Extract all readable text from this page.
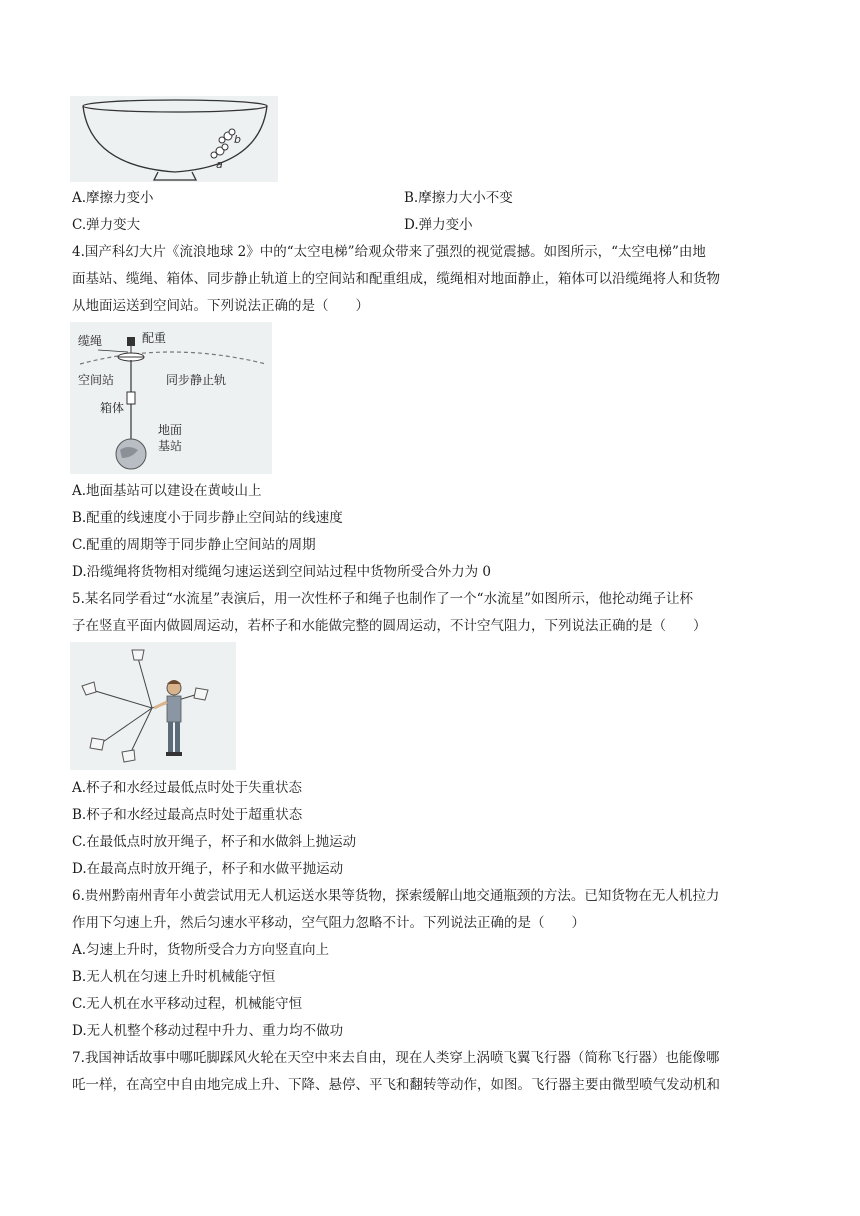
a
b
A.摩擦力变小	B.摩擦力大小不变
C.弹力变大	D.弹力变小
4.国产科幻大片《流浪地球 2》中的“太空电梯”给观众带来了强烈的视觉震撼。如图所示，“太空电梯”由地
面基站、缆绳、箱体、同步静止轨道上的空间站和配重组成，缆绳相对地面静止，箱体可以沿缆绳将人和货物
从地面运送到空间站。下列说法正确的是（　　）
配重
缆绳
空间站	同步静止轨
箱体
地面
基站
A.地面基站可以建设在黄岐山上
B.配重的线速度小于同步静止空间站的线速度
C.配重的周期等于同步静止空间站的周期
D.沿缆绳将货物相对缆绳匀速运送到空间站过程中货物所受合外力为 0
5.某名同学看过“水流星”表演后，用一次性杯子和绳子也制作了一个“水流星”如图所示，他抡动绳子让杯
子在竖直平面内做圆周运动，若杯子和水能做完整的圆周运动，不计空气阻力，下列说法正确的是（　　）
A.杯子和水经过最低点时处于失重状态
B.杯子和水经过最高点时处于超重状态
C.在最低点时放开绳子，杯子和水做斜上抛运动
D.在最高点时放开绳子，杯子和水做平抛运动
6.贵州黔南州青年小黄尝试用无人机运送水果等货物，探索缓解山地交通瓶颈的方法。已知货物在无人机拉力
作用下匀速上升，然后匀速水平移动，空气阻力忽略不计。下列说法正确的是（　　）
A.匀速上升时，货物所受合力方向竖直向上
B.无人机在匀速上升时机械能守恒
C.无人机在水平移动过程，机械能守恒
D.无人机整个移动过程中升力、重力均不做功
7.我国神话故事中哪吒脚踩风火轮在天空中来去自由，现在人类穿上涡喷飞翼飞行器（简称飞行器）也能像哪
吒一样，在高空中自由地完成上升、下降、悬停、平飞和翻转等动作，如图。飞行器主要由微型喷气发动机和
